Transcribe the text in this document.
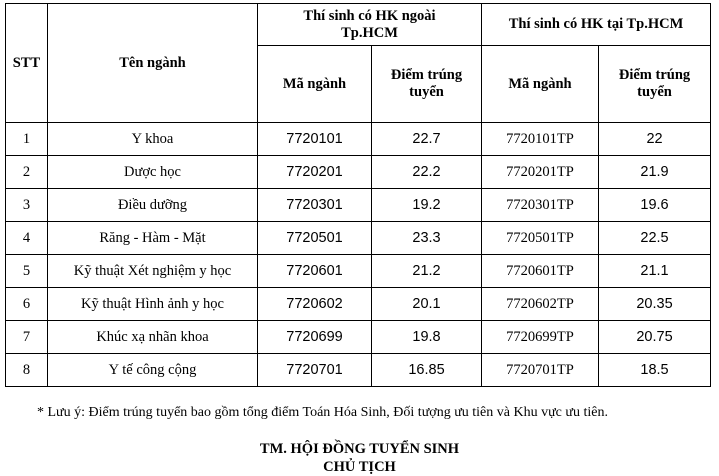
STT	Tên ngành	Thí sinh có HK ngoài Tp.HCM		Thí sinh có HK tại Tp.HCM	
		Mã ngành	Điểm trúng tuyển	Mã ngành	Điểm trúng tuyển
1	Y khoa	7720101	22.7	7720101TP	22
2	Dược học	7720201	22.2	7720201TP	21.9
3	Điều dưỡng	7720301	19.2	7720301TP	19.6
4	Răng - Hàm - Mặt	7720501	23.3	7720501TP	22.5
5	Kỹ thuật Xét nghiệm y học	7720601	21.2	7720601TP	21.1
6	Kỹ thuật Hình ảnh y học	7720602	20.1	7720602TP	20.35
7	Khúc xạ nhãn khoa	7720699	19.8	7720699TP	20.75
8	Y tế công cộng	7720701	16.85	7720701TP	18.5
* Lưu ý: Điểm trúng tuyển bao gồm tổng điểm Toán Hóa Sinh, Đối tượng ưu tiên và Khu vực ưu tiên.
TM. HỘI ĐỒNG TUYỂN SINH
CHỦ TỊCH
